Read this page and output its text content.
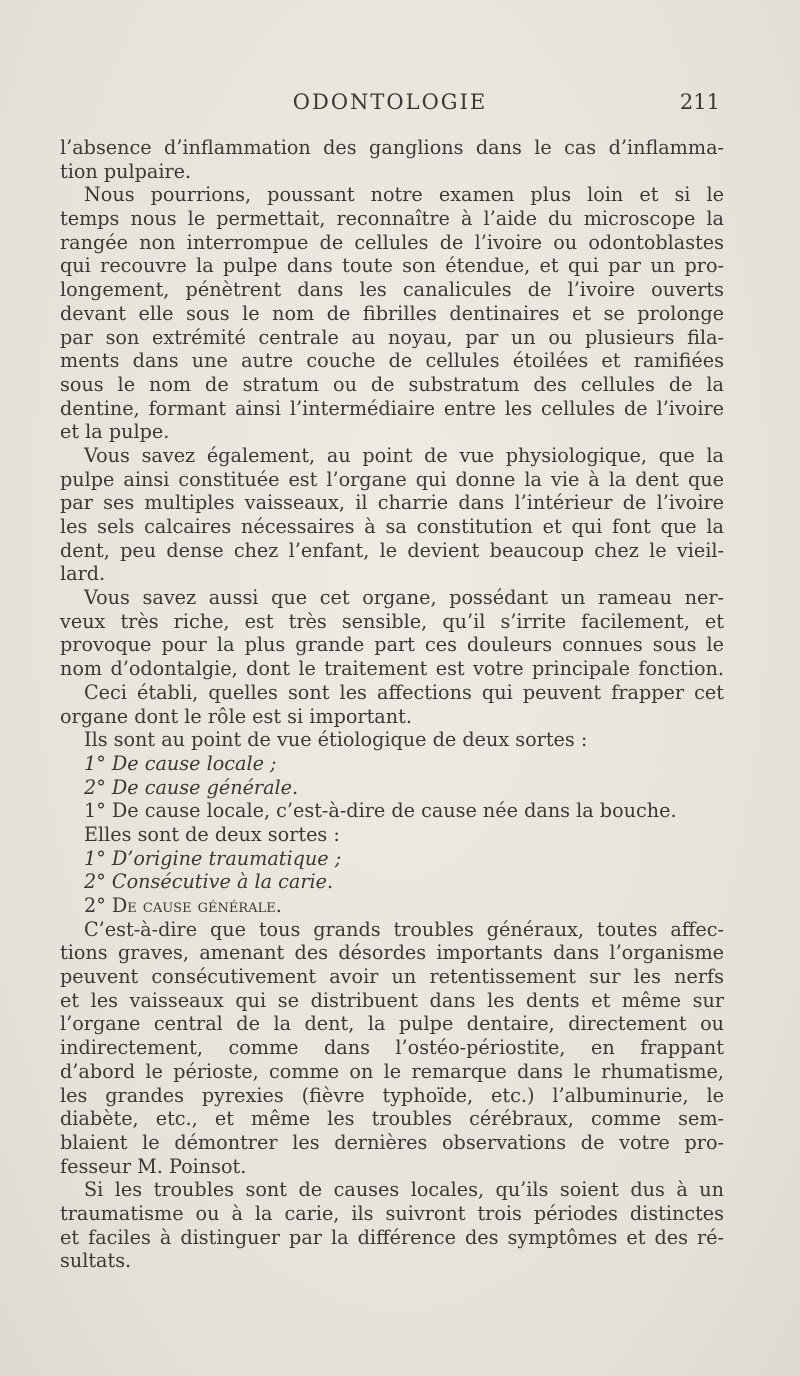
ODONTOLOGIE	211
l’absence d’inflammation des ganglions dans le cas d’inflamma-
tion pulpaire.
Nous pourrions, poussant notre examen plus loin et si le
temps nous le permettait, reconnaître à l’aide du microscope la
rangée non interrompue de cellules de l’ivoire ou odontoblastes
qui recouvre la pulpe dans toute son étendue, et qui par un pro-
longement, pénètrent dans les canalicules de l’ivoire ouverts
devant elle sous le nom de fibrilles dentinaires et se prolonge
par son extrémité centrale au noyau, par un ou plusieurs fila-
ments dans une autre couche de cellules étoilées et ramifiées
sous le nom de stratum ou de substratum des cellules de la
dentine, formant ainsi l’intermédiaire entre les cellules de l’ivoire
et la pulpe.
Vous savez également, au point de vue physiologique, que la
pulpe ainsi constituée est l’organe qui donne la vie à la dent que
par ses multiples vaisseaux, il charrie dans l’intérieur de l’ivoire
les sels calcaires nécessaires à sa constitution et qui font que la
dent, peu dense chez l’enfant, le devient beaucoup chez le vieil-
lard.
Vous savez aussi que cet organe, possédant un rameau ner-
veux très riche, est très sensible, qu’il s’irrite facilement, et
provoque pour la plus grande part ces douleurs connues sous le
nom d’odontalgie, dont le traitement est votre principale fonction.
Ceci établi, quelles sont les affections qui peuvent frapper cet
organe dont le rôle est si important.
Ils sont au point de vue étiologique de deux sortes :
1° De cause locale ;
2° De cause générale.
1° De cause locale, c’est-à-dire de cause née dans la bouche.
Elles sont de deux sortes :
1° D’origine traumatique ;
2° Consécutive à la carie.
2° De cause générale.
C’est-à-dire que tous grands troubles généraux, toutes affec-
tions graves, amenant des désordes importants dans l’organisme
peuvent consécutivement avoir un retentissement sur les nerfs
et les vaisseaux qui se distribuent dans les dents et même sur
l’organe central de la dent, la pulpe dentaire, directement ou
indirectement, comme dans l’ostéo-périostite, en frappant
d’abord le périoste, comme on le remarque dans le rhumatisme,
les grandes pyrexies (fièvre typhoïde, etc.) l’albuminurie, le
diabète, etc., et même les troubles cérébraux, comme sem-
blaient le démontrer les dernières observations de votre pro-
fesseur M. Poinsot.
Si les troubles sont de causes locales, qu’ils soient dus à un
traumatisme ou à la carie, ils suivront trois périodes distinctes
et faciles à distinguer par la différence des symptômes et des ré-
sultats.
